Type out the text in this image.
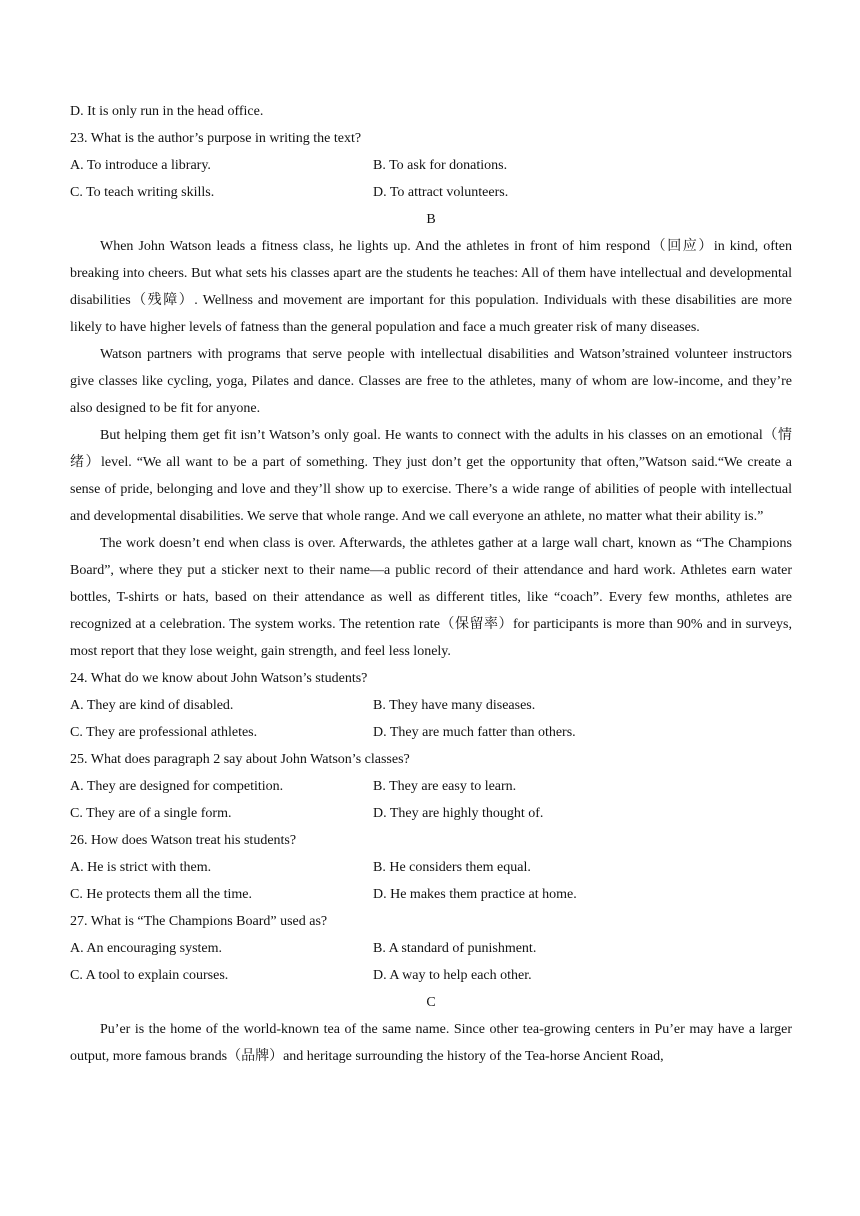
D. It is only run in the head office.
23. What is the author’s purpose in writing the text?
A. To introduce a library.	B. To ask for donations.
C. To teach writing skills.	D. To attract volunteers.
B
When John Watson leads a fitness class, he lights up. And the athletes in front of him respond（回应）in kind, often breaking into cheers. But what sets his classes apart are the students he teaches: All of them have intellectual and developmental disabilities（残障）. Wellness and movement are important for this population. Individuals with these disabilities are more likely to have higher levels of fatness than the general population and face a much greater risk of many diseases.
Watson partners with programs that serve people with intellectual disabilities and Watson’strained volunteer instructors give classes like cycling, yoga, Pilates and dance. Classes are free to the athletes, many of whom are low-income, and they’re also designed to be fit for anyone.
But helping them get fit isn’t Watson’s only goal. He wants to connect with the adults in his classes on an emotional（情绪）level. “We all want to be a part of something. They just don’t get the opportunity that often,”Watson said.“We create a sense of pride, belonging and love and they’ll show up to exercise. There’s a wide range of abilities of people with intellectual and developmental disabilities. We serve that whole range. And we call everyone an athlete, no matter what their ability is.”
The work doesn’t end when class is over. Afterwards, the athletes gather at a large wall chart, known as “The Champions Board”, where they put a sticker next to their name—a public record of their attendance and hard work. Athletes earn water bottles, T-shirts or hats, based on their attendance as well as different titles, like “coach”. Every few months, athletes are recognized at a celebration. The system works. The retention rate（保留率）for participants is more than 90% and in surveys, most report that they lose weight, gain strength, and feel less lonely.
24. What do we know about John Watson’s students?
A. They are kind of disabled.	B. They have many diseases.
C. They are professional athletes.	D. They are much fatter than others.
25. What does paragraph 2 say about John Watson’s classes?
A. They are designed for competition.	B. They are easy to learn.
C. They are of a single form.	D. They are highly thought of.
26. How does Watson treat his students?
A. He is strict with them.	B. He considers them equal.
C. He protects them all the time.	D. He makes them practice at home.
27. What is “The Champions Board” used as?
A. An encouraging system.	B. A standard of punishment.
C. A tool to explain courses.	D. A way to help each other.
C
Pu’er is the home of the world-known tea of the same name. Since other tea-growing centers in Pu’er may have a larger output, more famous brands（品牌）and heritage surrounding the history of the Tea-horse Ancient Road,
